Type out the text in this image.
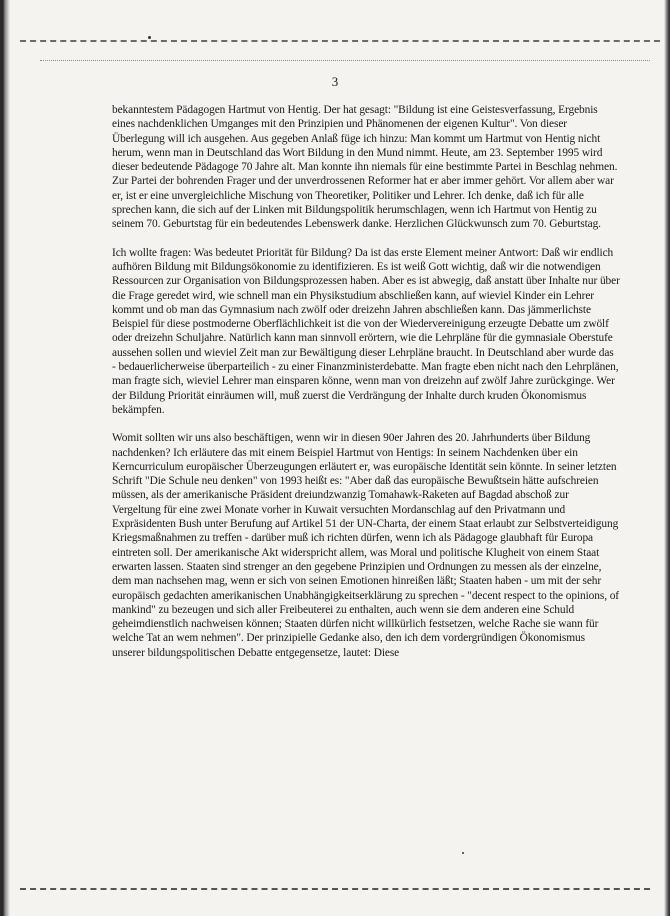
3

bekanntestem Pädagogen Hartmut von Hentig. Der hat gesagt: "Bildung ist eine Geistesverfassung, Ergebnis eines nachdenklichen Umganges mit den Prinzipien und Phänomenen der eigenen Kultur". Von dieser Überlegung will ich ausgehen. Aus gegeben Anlaß füge ich hinzu: Man kommt um Hartmut von Hentig nicht herum, wenn man in Deutschland das Wort Bildung in den Mund nimmt. Heute, am 23. September 1995 wird dieser bedeutende Pädagoge 70 Jahre alt. Man konnte ihn niemals für eine bestimmte Partei in Beschlag nehmen. Zur Partei der bohrenden Frager und der unverdrossenen Reformer hat er aber immer gehört. Vor allem aber war er, ist er eine unvergleichliche Mischung von Theoretiker, Politiker und Lehrer. Ich denke, daß ich für alle sprechen kann, die sich auf der Linken mit Bildungspolitik herumschlagen, wenn ich Hartmut von Hentig zu seinem 70. Geburtstag für ein bedeutendes Lebenswerk danke. Herzlichen Glückwunsch zum 70. Geburtstag.

Ich wollte fragen: Was bedeutet Priorität für Bildung? Da ist das erste Element meiner Antwort: Daß wir endlich aufhören Bildung mit Bildungsökonomie zu identifizieren. Es ist weiß Gott wichtig, daß wir die notwendigen Ressourcen zur Organisation von Bildungsprozessen haben. Aber es ist abwegig, daß anstatt über Inhalte nur über die Frage geredet wird, wie schnell man ein Physikstudium abschließen kann, auf wieviel Kinder ein Lehrer kommt und ob man das Gymnasium nach zwölf oder dreizehn Jahren abschließen kann. Das jämmerlichste Beispiel für diese postmoderne Oberflächlichkeit ist die von der Wiedervereinigung erzeugte Debatte um zwölf oder dreizehn Schuljahre. Natürlich kann man sinnvoll erörtern, wie die Lehrpläne für die gymnasiale Oberstufe aussehen sollen und wieviel Zeit man zur Bewältigung dieser Lehrpläne braucht. In Deutschland aber wurde das - bedauerlicherweise überparteilich - zu einer Finanzministerdebatte. Man fragte eben nicht nach den Lehrplänen, man fragte sich, wieviel Lehrer man einsparen könne, wenn man von dreizehn auf zwölf Jahre zurückginge. Wer der Bildung Priorität einräumen will, muß zuerst die Verdrängung der Inhalte durch kruden Ökonomismus bekämpfen.

Womit sollten wir uns also beschäftigen, wenn wir in diesen 90er Jahren des 20. Jahrhunderts über Bildung nachdenken? Ich erläutere das mit einem Beispiel Hartmut von Hentigs: In seinem Nachdenken über ein Kerncurriculum europäischer Überzeugungen erläutert er, was europäische Identität sein könnte. In seiner letzten Schrift "Die Schule neu denken" von 1993 heißt es: "Aber daß das europäische Bewußtsein hätte aufschreien müssen, als der amerikanische Präsident dreiundzwanzig Tomahawk-Raketen auf Bagdad abschoß zur Vergeltung für eine zwei Monate vorher in Kuwait versuchten Mordanschlag auf den Privatmann und Expräsidenten Bush unter Berufung auf Artikel 51 der UN-Charta, der einem Staat erlaubt zur Selbstverteidigung Kriegsmaßnahmen zu treffen - darüber muß ich richten dürfen, wenn ich als Pädagoge glaubhaft für Europa eintreten soll. Der amerikanische Akt widerspricht allem, was Moral und politische Klugheit von einem Staat erwarten lassen. Staaten sind strenger an den gegebene Prinzipien und Ordnungen zu messen als der einzelne, dem man nachsehen mag, wenn er sich von seinen Emotionen hinreißen läßt; Staaten haben - um mit der sehr europäisch gedachten amerikanischen Unabhängigkeitserklärung zu sprechen - "decent respect to the opinions, of mankind" zu bezeugen und sich aller Freibeuterei zu enthalten, auch wenn sie dem anderen eine Schuld geheimdienstlich nachweisen können; Staaten dürfen nicht willkürlich festsetzen, welche Rache sie wann für welche Tat an wem nehmen". Der prinzipielle Gedanke also, den ich dem vordergründigen Ökonomismus unserer bildungspolitischen Debatte entgegensetze, lautet: Diese
